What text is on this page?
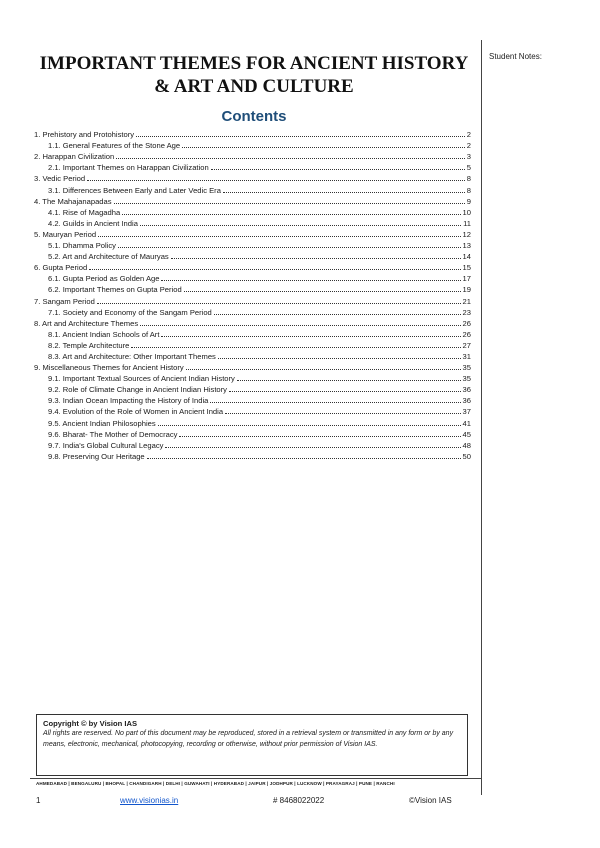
Student Notes:
IMPORTANT THEMES FOR ANCIENT HISTORY & ART AND CULTURE
Contents
1. Prehistory and Protohistory	2
1.1. General Features of the Stone Age	2
2. Harappan Civilization	3
2.1. Important Themes on Harappan Civilization	5
3. Vedic Period	8
3.1. Differences Between Early and Later Vedic Era	8
4. The Mahajanapadas	9
4.1. Rise of Magadha	10
4.2. Guilds in Ancient India	11
5. Mauryan Period	12
5.1. Dhamma Policy	13
5.2. Art and Architecture of Mauryas	14
6. Gupta Period	15
6.1. Gupta Period as Golden Age	17
6.2. Important Themes on Gupta Period	19
7. Sangam Period	21
7.1. Society and Economy of the Sangam Period	23
8. Art and Architecture Themes	26
8.1. Ancient Indian Schools of Art	26
8.2. Temple Architecture	27
8.3. Art and Architecture: Other Important Themes	31
9. Miscellaneous Themes for Ancient History	35
9.1. Important Textual Sources of Ancient Indian History	35
9.2. Role of Climate Change in Ancient Indian History	36
9.3. Indian Ocean Impacting the History of India	36
9.4. Evolution of the Role of Women in Ancient India	37
9.5. Ancient Indian Philosophies	41
9.6. Bharat- The Mother of Democracy	45
9.7. India's Global Cultural Legacy	48
9.8. Preserving Our Heritage	50
Copyright © by Vision IAS
All rights are reserved. No part of this document may be reproduced, stored in a retrieval system or transmitted in any form or by any means, electronic, mechanical, photocopying, recording or otherwise, without prior permission of Vision IAS.
AHMEDABAD | BENGALURU | BHOPAL | CHANDIGARH | DELHI | GUWAHATI | HYDERABAD | JAIPUR | JODHPUR | LUCKNOW | PRAYAGRAJ | PUNE | RANCHI
1	www.visionias.in	# 8468022022	©Vision IAS
